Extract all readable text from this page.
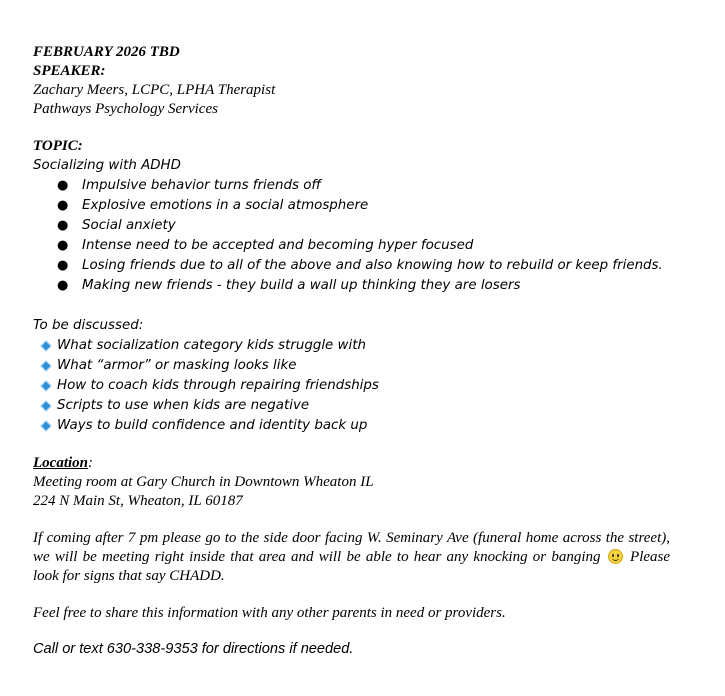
FEBRUARY 2026 TBD
SPEAKER:
Zachary Meers, LCPC, LPHA Therapist
Pathways Psychology Services
TOPIC:
Socializing with ADHD
●	Impulsive behavior turns friends off
●	Explosive emotions in a social atmosphere
●	Social anxiety
●	Intense need to be accepted and becoming hyper focused
●	Losing friends due to all of the above and also knowing how to rebuild or keep friends.
●	Making new friends - they build a wall up thinking they are losers
To be discussed:
What socialization category kids struggle with
What “armor” or masking looks like
How to coach kids through repairing friendships
Scripts to use when kids are negative
Ways to build confidence and identity back up
Location:
Meeting room at Gary Church in Downtown Wheaton IL
224 N Main St, Wheaton, IL 60187
If coming after 7 pm please go to the side door facing W. Seminary Ave (funeral home across the street), we will be meeting right inside that area and will be able to hear any knocking or banging Please look for signs that say CHADD.
Feel free to share this information with any other parents in need or providers.
Call or text 630-338-9353 for directions if needed.
